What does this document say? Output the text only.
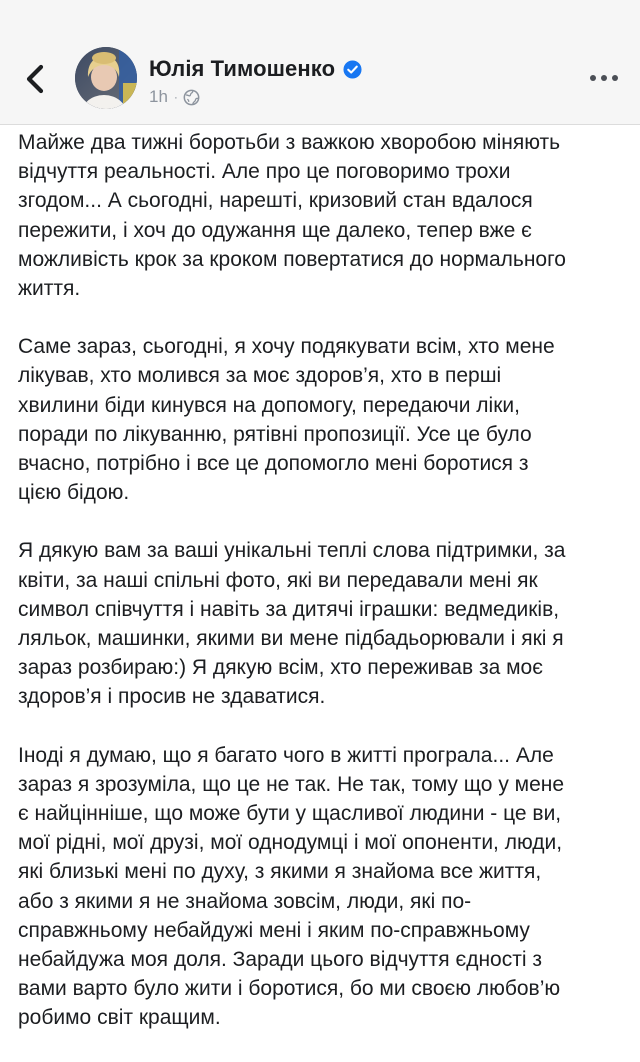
Юлія Тимошенко
1h ·

Майже два тижні боротьби з важкою хворобою міняють
відчуття реальності. Але про це поговоримо трохи
згодом... А сьогодні, нарешті, кризовий стан вдалося
пережити, і хоч до одужання ще далеко, тепер вже є
можливість крок за кроком повертатися до нормального
життя.

Саме зараз, сьогодні, я хочу подякувати всім, хто мене
лікував, хто молився за моє здоров’я, хто в перші
хвилини біди кинувся на допомогу, передаючи ліки,
поради по лікуванню, рятівні пропозиції. Усе це було
вчасно, потрібно і все це допомогло мені боротися з
цією бідою.

Я дякую вам за ваші унікальні теплі слова підтримки, за
квіти, за наші спільні фото, які ви передавали мені як
символ співчуття і навіть за дитячі іграшки: ведмедиків,
ляльок, машинки, якими ви мене підбадьорювали і які я
зараз розбираю:) Я дякую всім, хто переживав за моє
здоров’я і просив не здаватися.

Іноді я думаю, що я багато чого в житті програла... Але
зараз я зрозуміла, що це не так. Не так, тому що у мене
є найцінніше, що може бути у щасливої людини - це ви,
мої рідні, мої друзі, мої однодумці і мої опоненти, люди,
які близькі мені по духу, з якими я знайома все життя,
або з якими я не знайома зовсім, люди, які по-
справжньому небайдужі мені і яким по-справжньому
небайдужа моя доля. Заради цього відчуття єдності з
вами варто було жити і боротися, бо ми своєю любов’ю
робимо світ кращим.
